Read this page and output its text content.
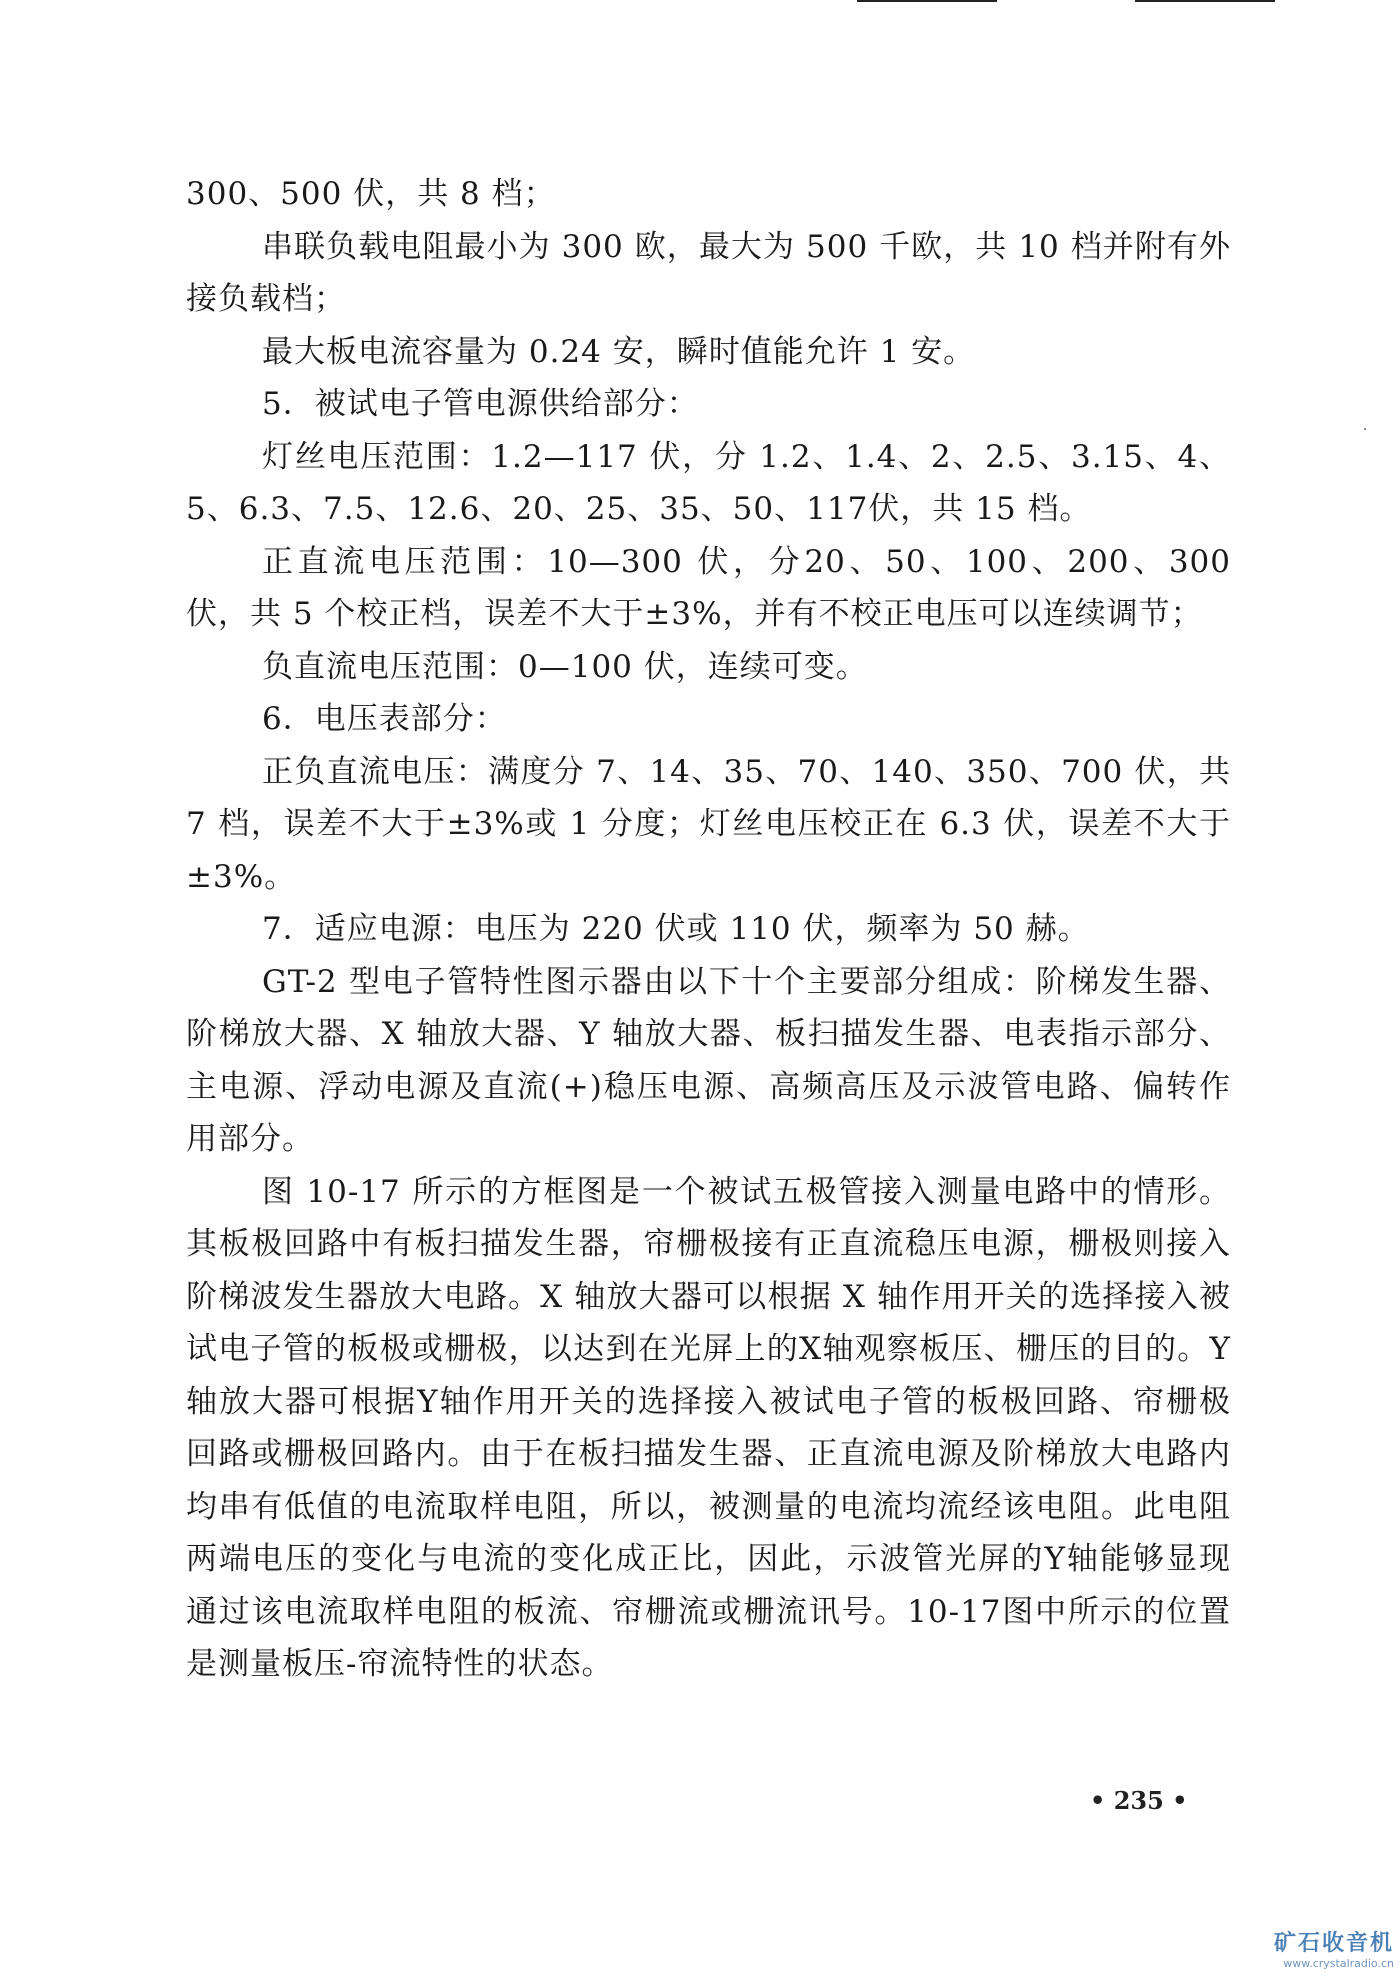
300、500 伏，共 8 档；

串联负载电阻最小为 300 欧，最大为 500 千欧，共 10 档并附有外接负载档；

最大板电流容量为 0.24 安，瞬时值能允许 1 安。

5．被试电子管电源供给部分：

灯丝电压范围：1.2—117 伏，分 1.2、1.4、2、2.5、3.15、4、5、6.3、7.5、12.6、20、25、35、50、117伏，共 15 档。

正直流电压范围：10—300 伏，分20、50、100、200、300 伏，共 5 个校正档，误差不大于±3%，并有不校正电压可以连续调节；

负直流电压范围：0—100 伏，连续可变。

6．电压表部分：

正负直流电压：满度分 7、14、35、70、140、350、700 伏，共 7 档，误差不大于±3%或 1 分度；灯丝电压校正在 6.3 伏，误差不大于±3%。

7．适应电源：电压为 220 伏或 110 伏，频率为 50 赫。

GT-2 型电子管特性图示器由以下十个主要部分组成：阶梯发生器、阶梯放大器、X 轴放大器、Y 轴放大器、板扫描发生器、电表指示部分、主电源、浮动电源及直流(+)稳压电源、高频高压及示波管电路、偏转作用部分。

图 10-17 所示的方框图是一个被试五极管接入测量电路中的情形。其板极回路中有板扫描发生器，帘栅极接有正直流稳压电源，栅极则接入阶梯波发生器放大电路。X 轴放大器可以根据 X 轴作用开关的选择接入被试电子管的板极或栅极，以达到在光屏上的X轴观察板压、栅压的目的。Y 轴放大器可根据Y轴作用开关的选择接入被试电子管的板极回路、帘栅极回路或栅极回路内。由于在板扫描发生器、正直流电源及阶梯放大电路内均串有低值的电流取样电阻，所以，被测量的电流均流经该电阻。此电阻两端电压的变化与电流的变化成正比，因此，示波管光屏的Y轴能够显现通过该电流取样电阻的板流、帘栅流或栅流讯号。10-17图中所示的位置是测量板压-帘流特性的状态。

• 235 •
矿石收音机
www.crystalradio.cn
